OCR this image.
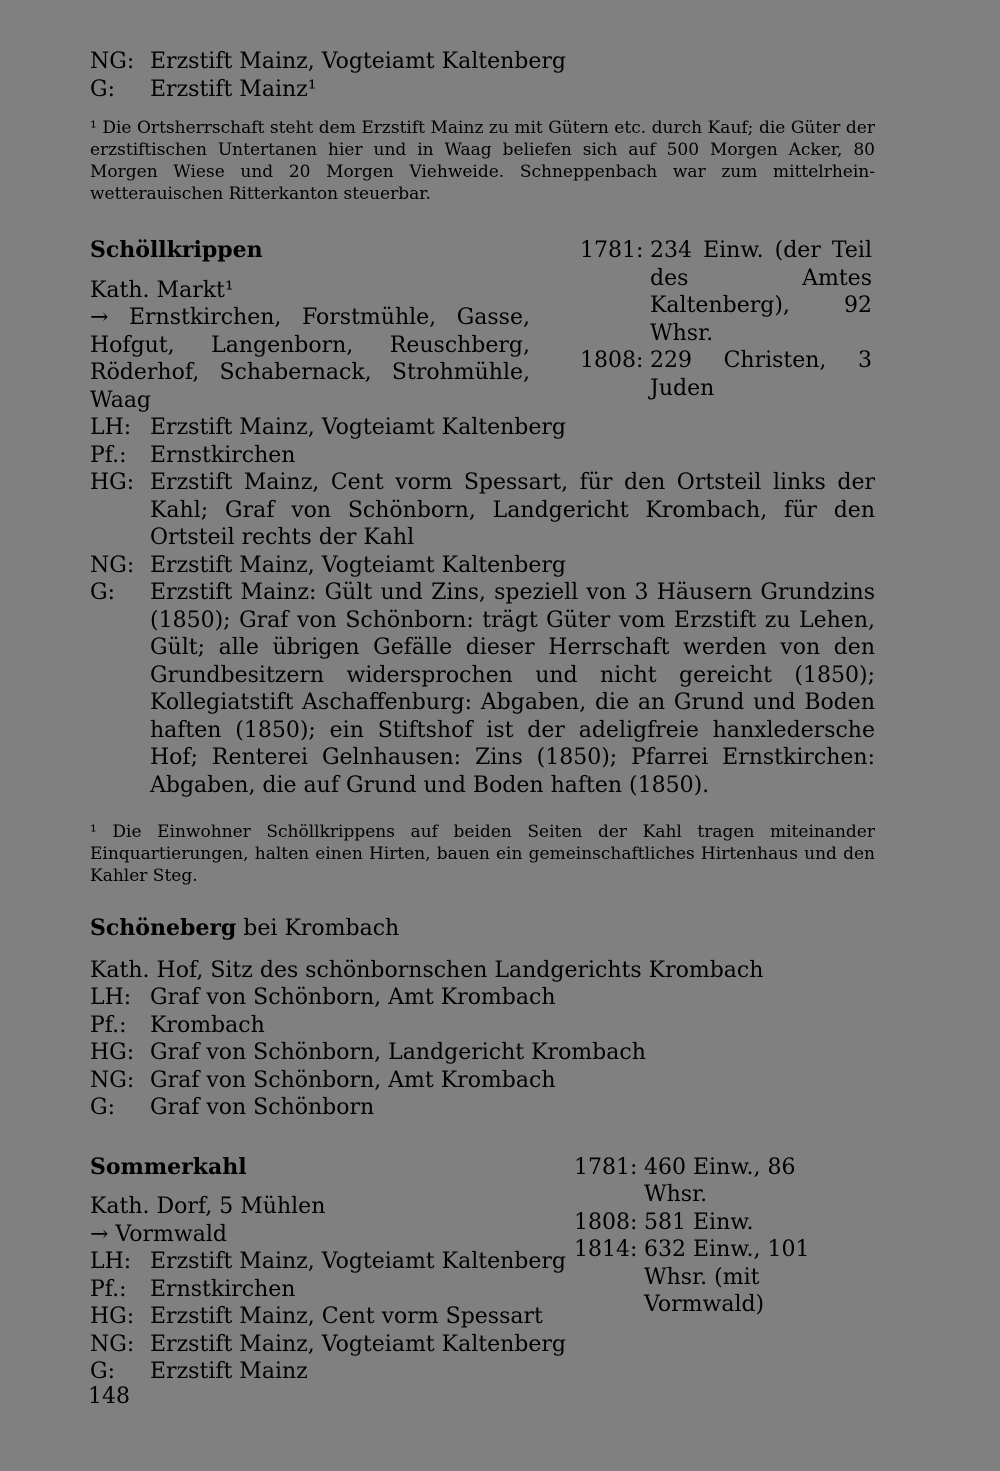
NG: Erzstift Mainz, Vogteiamt Kaltenberg
G:	Erzstift Mainz¹
¹ Die Ortsherrschaft steht dem Erzstift Mainz zu mit Gütern etc. durch Kauf; die Güter der erzstiftischen Untertanen hier und in Waag beliefen sich auf 500 Morgen Acker, 80 Morgen Wiese und 20 Morgen Viehweide. Schneppenbach war zum mittelrhein-wetterauischen Ritterkanton steuerbar.
Schöllkrippen
Kath. Markt¹
→ Ernstkirchen, Forstmühle, Gasse, Hofgut, Langenborn, Reuschberg, Röderhof, Schabernack, Strohmühle, Waag
1781: 234 Einw. (der Teil des Amtes Kaltenberg), 92 Whsr.
1808: 229 Christen, 3 Juden
LH: Erzstift Mainz, Vogteiamt Kaltenberg
Pf.:	Ernstkirchen
HG: Erzstift Mainz, Cent vorm Spessart, für den Ortsteil links der Kahl; Graf von Schönborn, Landgericht Krombach, für den Ortsteil rechts der Kahl
NG: Erzstift Mainz, Vogteiamt Kaltenberg
G:	Erzstift Mainz: Gült und Zins, speziell von 3 Häusern Grundzins (1850); Graf von Schönborn: trägt Güter vom Erzstift zu Lehen, Gült; alle übrigen Gefälle dieser Herrschaft werden von den Grundbesitzern widersprochen und nicht gereicht (1850); Kollegiatstift Aschaffenburg: Abgaben, die an Grund und Boden haften (1850); ein Stiftshof ist der adeligfreie hanxledersche Hof; Renterei Gelnhausen: Zins (1850); Pfarrei Ernstkirchen: Abgaben, die auf Grund und Boden haften (1850).
¹ Die Einwohner Schöllkrippens auf beiden Seiten der Kahl tragen miteinander Einquartierungen, halten einen Hirten, bauen ein gemeinschaftliches Hirtenhaus und den Kahler Steg.
Schöneberg bei Krombach
Kath. Hof, Sitz des schönbornschen Landgerichts Krombach
LH: Graf von Schönborn, Amt Krombach
Pf.:	Krombach
HG: Graf von Schönborn, Landgericht Krombach
NG: Graf von Schönborn, Amt Krombach
G:	Graf von Schönborn
Sommerkahl
Kath. Dorf, 5 Mühlen
→ Vormwald
1781: 460 Einw., 86 Whsr.
1808: 581 Einw.
1814: 632 Einw., 101 Whsr. (mit Vormwald)
LH: Erzstift Mainz, Vogteiamt Kaltenberg
Pf.:	Ernstkirchen
HG: Erzstift Mainz, Cent vorm Spessart
NG: Erzstift Mainz, Vogteiamt Kaltenberg
G:	Erzstift Mainz
148
